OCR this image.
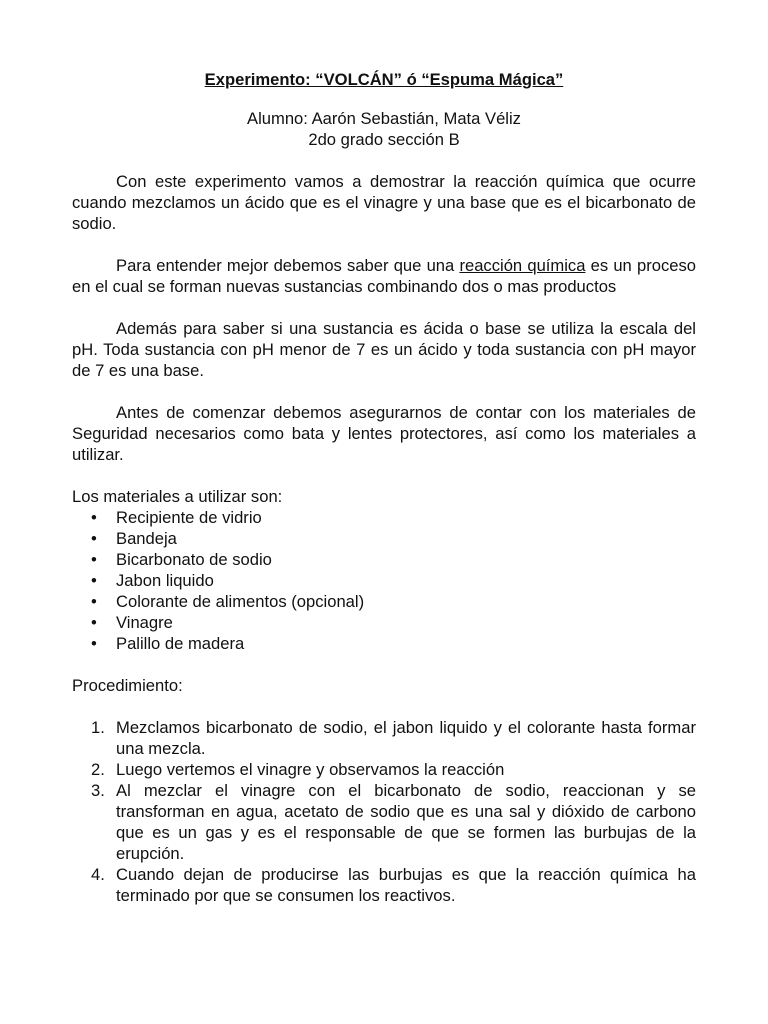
Experimento: “VOLCÁN” ó “Espuma Mágica”

Alumno: Aarón Sebastián, Mata Véliz

2do grado sección B

Con este experimento vamos a demostrar la reacción química que ocurre cuando mezclamos un ácido que es el vinagre y una base que es el bicarbonato de sodio.

Para entender mejor debemos saber que una reacción química es un proceso en el cual se forman nuevas sustancias combinando dos o mas productos

Además para saber si una sustancia es ácida o base se utiliza la escala del pH. Toda sustancia con pH menor de 7 es un ácido y toda sustancia con pH mayor de 7 es una base.

Antes de comenzar debemos asegurarnos de contar con los materiales de Seguridad necesarios como bata y lentes protectores, así como los materiales a utilizar.

Los materiales a utilizar son:

• Recipiente de vidrio
• Bandeja
• Bicarbonato de sodio
• Jabon liquido
• Colorante de alimentos (opcional)
• Vinagre
• Palillo de madera

Procedimiento:

1. Mezclamos bicarbonato de sodio, el jabon liquido y el colorante hasta formar una mezcla.
2. Luego vertemos el vinagre y observamos la reacción
3. Al mezclar el vinagre con el bicarbonato de sodio, reaccionan y se transforman en agua, acetato de sodio que es una sal y dióxido de carbono que es un gas y es el responsable de que se formen las burbujas de la erupción.
4. Cuando dejan de producirse las burbujas es que la reacción química ha terminado por que se consumen los reactivos.
